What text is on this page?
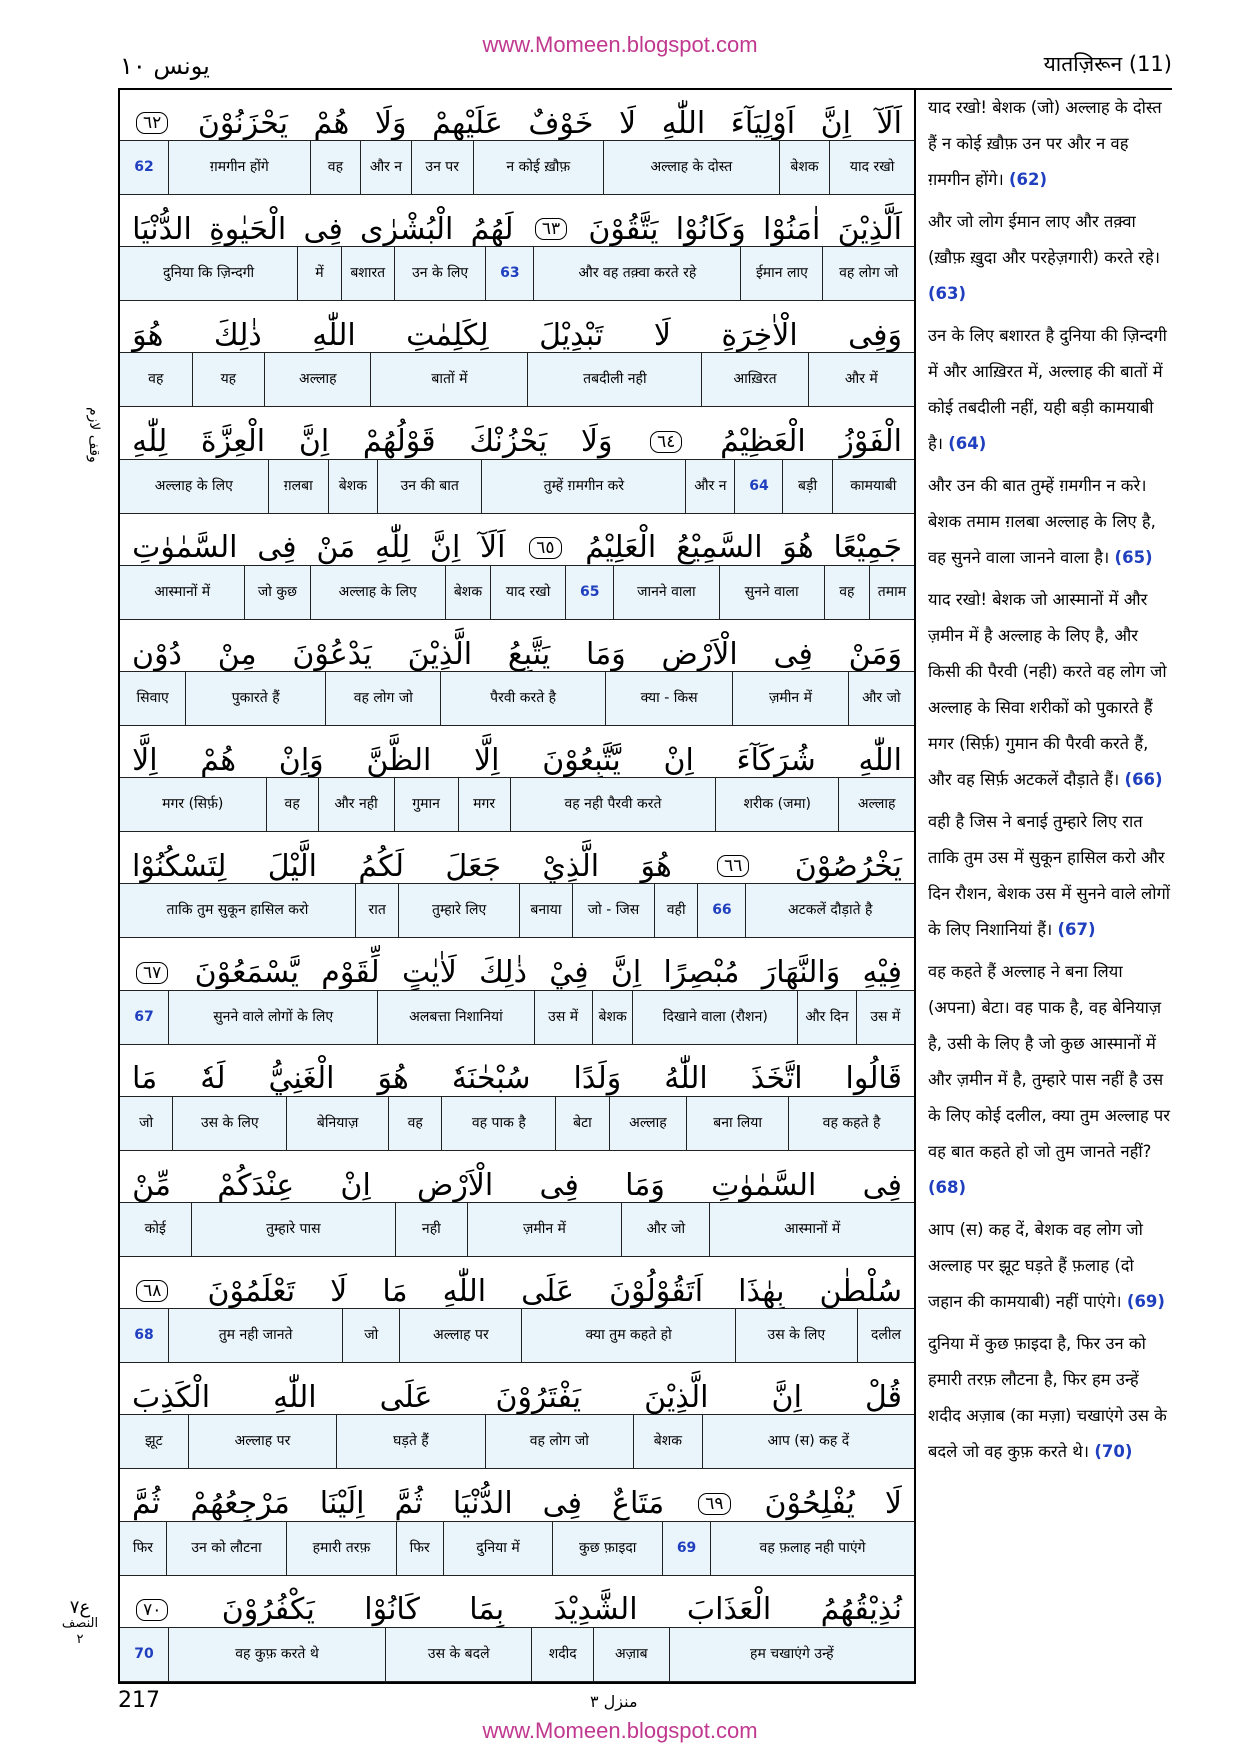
www.Momeen.blogspot.com
يونس ١٠	यातज़िरून (11)
وقف لازم
ع٧
النصف
٢
اَلَآ
اِنَّ
اَوْلِيَآءَ
اللّٰهِ
لَا
خَوْفٌ
عَلَيْهِمْ
وَلَا
هُمْ
يَحْزَنُوْنَ
٦٢
याद रखो
बेशक
अल्लाह के दोस्त
न कोई ख़ौफ़
उन पर
और न
वह
ग़मगीन होंगे
62
اَلَّذِيْنَ
اٰمَنُوْا
وَكَانُوْا
يَتَّقُوْنَ
٦٣
لَهُمُ
الْبُشْرٰى
فِى
الْحَيٰوةِ
الدُّنْيَا
वह लोग जो
ईमान लाए
और वह तक़्वा करते रहे
63
उन के लिए
बशारत
में
दुनिया कि ज़िन्दगी
وَفِى
الْاٰخِرَةِ
لَا
تَبْدِيْلَ
لِكَلِمٰتِ
اللّٰهِ
ذٰلِكَ
هُوَ
और में
आख़िरत
तबदीली नही
बातों में
अल्लाह
यह
वह
الْفَوْزُ
الْعَظِيْمُ
٦٤
وَلَا
يَحْزُنْكَ
قَوْلُهُمْ
اِنَّ
الْعِزَّةَ
لِلّٰهِ
कामयाबी
बड़ी
64
और न
तुम्हें ग़मगीन करे
उन की बात
बेशक
ग़लबा
अल्लाह के लिए
جَمِيْعًا
هُوَ
السَّمِيْعُ
الْعَلِيْمُ
٦٥
اَلَآ
اِنَّ
لِلّٰهِ
مَنْ
فِى
السَّمٰوٰتِ
तमाम
वह
सुनने वाला
जानने वाला
65
याद रखो
बेशक
अल्लाह के लिए
जो कुछ
आस्मानों में
وَمَنْ
فِى
الْاَرْضِ
وَمَا
يَتَّبِعُ
الَّذِيْنَ
يَدْعُوْنَ
مِنْ
دُوْنِ
और जो
ज़मीन में
क्या - किस
पैरवी करते है
वह लोग जो
पुकारते हैं
सिवाए
اللّٰهِ
شُرَكَآءَ
اِنْ
يَّتَّبِعُوْنَ
اِلَّا
الظَّنَّ
وَاِنْ
هُمْ
اِلَّا
अल्लाह
शरीक (जमा)
वह नही पैरवी करते
मगर
गुमान
और नही
वह
मगर (सिर्फ़)
يَخْرُصُوْنَ
٦٦
هُوَ
الَّذِيْ
جَعَلَ
لَكُمُ
الَّيْلَ
لِتَسْكُنُوْا
अटकलें दौड़ाते है
66
वही
जो - जिस
बनाया
तुम्हारे लिए
रात
ताकि तुम सुकून हासिल करो
فِيْهِ
وَالنَّهَارَ
مُبْصِرًا
اِنَّ
فِيْ
ذٰلِكَ
لَاٰيٰتٍ
لِّقَوْمٍ
يَّسْمَعُوْنَ
٦٧
उस में
और दिन
दिखाने वाला (रौशन)
बेशक
उस में
अलबत्ता निशानियां
सुनने वाले लोगों के लिए
67
قَالُوا
اتَّخَذَ
اللّٰهُ
وَلَدًا
سُبْحٰنَهٗ
هُوَ
الْغَنِيُّ
لَهٗ
مَا
वह कहते है
बना लिया
अल्लाह
बेटा
वह पाक है
वह
बेनियाज़
उस के लिए
जो
فِى
السَّمٰوٰتِ
وَمَا
فِى
الْاَرْضِ
اِنْ
عِنْدَكُمْ
مِّنْ
आस्मानों में
और जो
ज़मीन में
नही
तुम्हारे पास
कोई
سُلْطٰنٍ
بِهٰذَا
اَتَقُوْلُوْنَ
عَلَى
اللّٰهِ
مَا
لَا
تَعْلَمُوْنَ
٦٨
दलील
उस के लिए
क्या तुम कहते हो
अल्लाह पर
जो
तुम नही जानते
68
قُلْ
اِنَّ
الَّذِيْنَ
يَفْتَرُوْنَ
عَلَى
اللّٰهِ
الْكَذِبَ
आप (स) कह दें
बेशक
वह लोग जो
घड़ते हैं
अल्लाह पर
झूट
لَا
يُفْلِحُوْنَ
٦٩
مَتَاعٌ
فِى
الدُّنْيَا
ثُمَّ
اِلَيْنَا
مَرْجِعُهُمْ
ثُمَّ
वह फ़लाह नही पाएंगे
69
कुछ फ़ाइदा
दुनिया में
फिर
हमारी तरफ़
उन को लौटना
फिर
نُذِيْقُهُمُ
الْعَذَابَ
الشَّدِيْدَ
بِمَا
كَانُوْا
يَكْفُرُوْنَ
٧٠
हम चखाएंगे उन्हें
अज़ाब
शदीद
उस के बदले
वह कुफ़ करते थे
70

याद रखो! बेशक (जो) अल्लाह के दोस्त हैं न कोई ख़ौफ़ उन पर और न वह ग़मगीन होंगे। (62)

और जो लोग ईमान लाए और तक़्वा (ख़ौफ़ ख़ुदा और परहेज़गारी) करते रहे। (63)

उन के लिए बशारत है दुनिया की ज़िन्दगी में और आख़िरत में, अल्लाह की बातों में कोई तबदीली नहीं, यही बड़ी कामयाबी है। (64)

और उन की बात तुम्हें ग़मगीन न करे। बेशक तमाम ग़लबा अल्लाह के लिए है, वह सुनने वाला जानने वाला है। (65)

याद रखो! बेशक जो आस्मानों में और ज़मीन में है अल्लाह के लिए है, और किसी की पैरवी (नही) करते वह लोग जो अल्लाह के सिवा शरीकों को पुकारते हैं मगर (सिर्फ़) गुमान की पैरवी करते हैं, और वह सिर्फ़ अटकलें दौड़ाते हैं। (66)

वही है जिस ने बनाई तुम्हारे लिए रात ताकि तुम उस में सुकून हासिल करो और दिन रौशन, बेशक उस में सुनने वाले लोगों के लिए निशानियां हैं। (67)

वह कहते हैं अल्लाह ने बना लिया (अपना) बेटा। वह पाक है, वह बेनियाज़ है, उसी के लिए है जो कुछ आस्मानों में और ज़मीन में है, तुम्हारे पास नहीं है उस के लिए कोई दलील, क्या तुम अल्लाह पर वह बात कहते हो जो तुम जानते नहीं? (68)

आप (स) कह दें, बेशक वह लोग जो अल्लाह पर झूट घड़ते हैं फ़लाह (दो जहान की कामयाबी) नहीं पाएंगे। (69)

दुनिया में कुछ फ़ाइदा है, फिर उन को हमारी तरफ़ लौटना है, फिर हम उन्हें शदीद अज़ाब (का मज़ा) चखाएंगे उस के बदले जो वह कुफ़ करते थे। (70)

217	منزل ٣
www.Momeen.blogspot.com
